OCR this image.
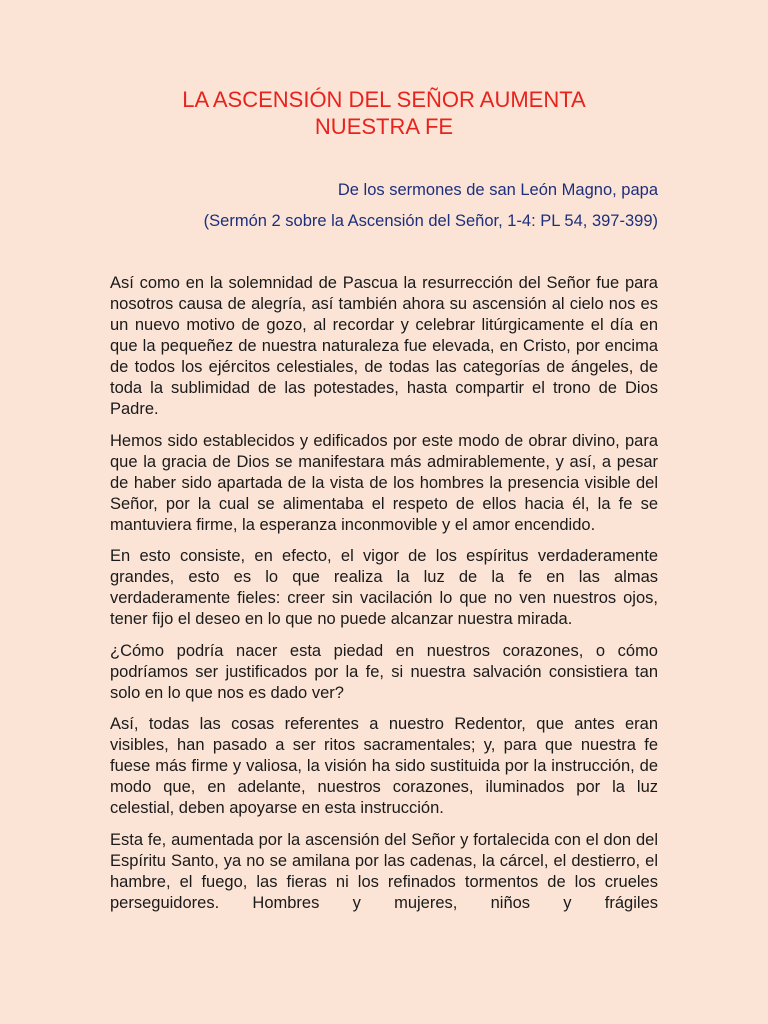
LA ASCENSIÓN DEL SEÑOR AUMENTA
NUESTRA FE

De los sermones de san León Magno, papa

(Sermón 2 sobre la Ascensión del Señor, 1-4: PL 54, 397-399)

Así como en la solemnidad de Pascua la resurrección del Señor fue para nosotros causa de alegría, así también ahora su ascensión al cielo nos es un nuevo motivo de gozo, al recordar y celebrar litúrgicamente el día en que la pequeñez de nuestra naturaleza fue elevada, en Cristo, por encima de todos los ejércitos celestiales, de todas las categorías de ángeles, de toda la sublimidad de las potestades, hasta compartir el trono de Dios Padre.

Hemos sido establecidos y edificados por este modo de obrar divino, para que la gracia de Dios se manifestara más admirablemente, y así, a pesar de haber sido apartada de la vista de los hombres la presencia visible del Señor, por la cual se alimentaba el respeto de ellos hacia él, la fe se mantuviera firme, la esperanza inconmovible y el amor encendido.

En esto consiste, en efecto, el vigor de los espíritus verdaderamente grandes, esto es lo que realiza la luz de la fe en las almas verdaderamente fieles: creer sin vacilación lo que no ven nuestros ojos, tener fijo el deseo en lo que no puede alcanzar nuestra mirada.

¿Cómo podría nacer esta piedad en nuestros corazones, o cómo podríamos ser justificados por la fe, si nuestra salvación consistiera tan solo en lo que nos es dado ver?

Así, todas las cosas referentes a nuestro Redentor, que antes eran visibles, han pasado a ser ritos sacramentales; y, para que nuestra fe fuese más firme y valiosa, la visión ha sido sustituida por la instrucción, de modo que, en adelante, nuestros corazones, iluminados por la luz celestial, deben apoyarse en esta instrucción.

Esta fe, aumentada por la ascensión del Señor y fortalecida con el don del Espíritu Santo, ya no se amilana por las cadenas, la cárcel, el destierro, el hambre, el fuego, las fieras ni los refinados tormentos de los crueles perseguidores. Hombres y mujeres, niños y frágiles
